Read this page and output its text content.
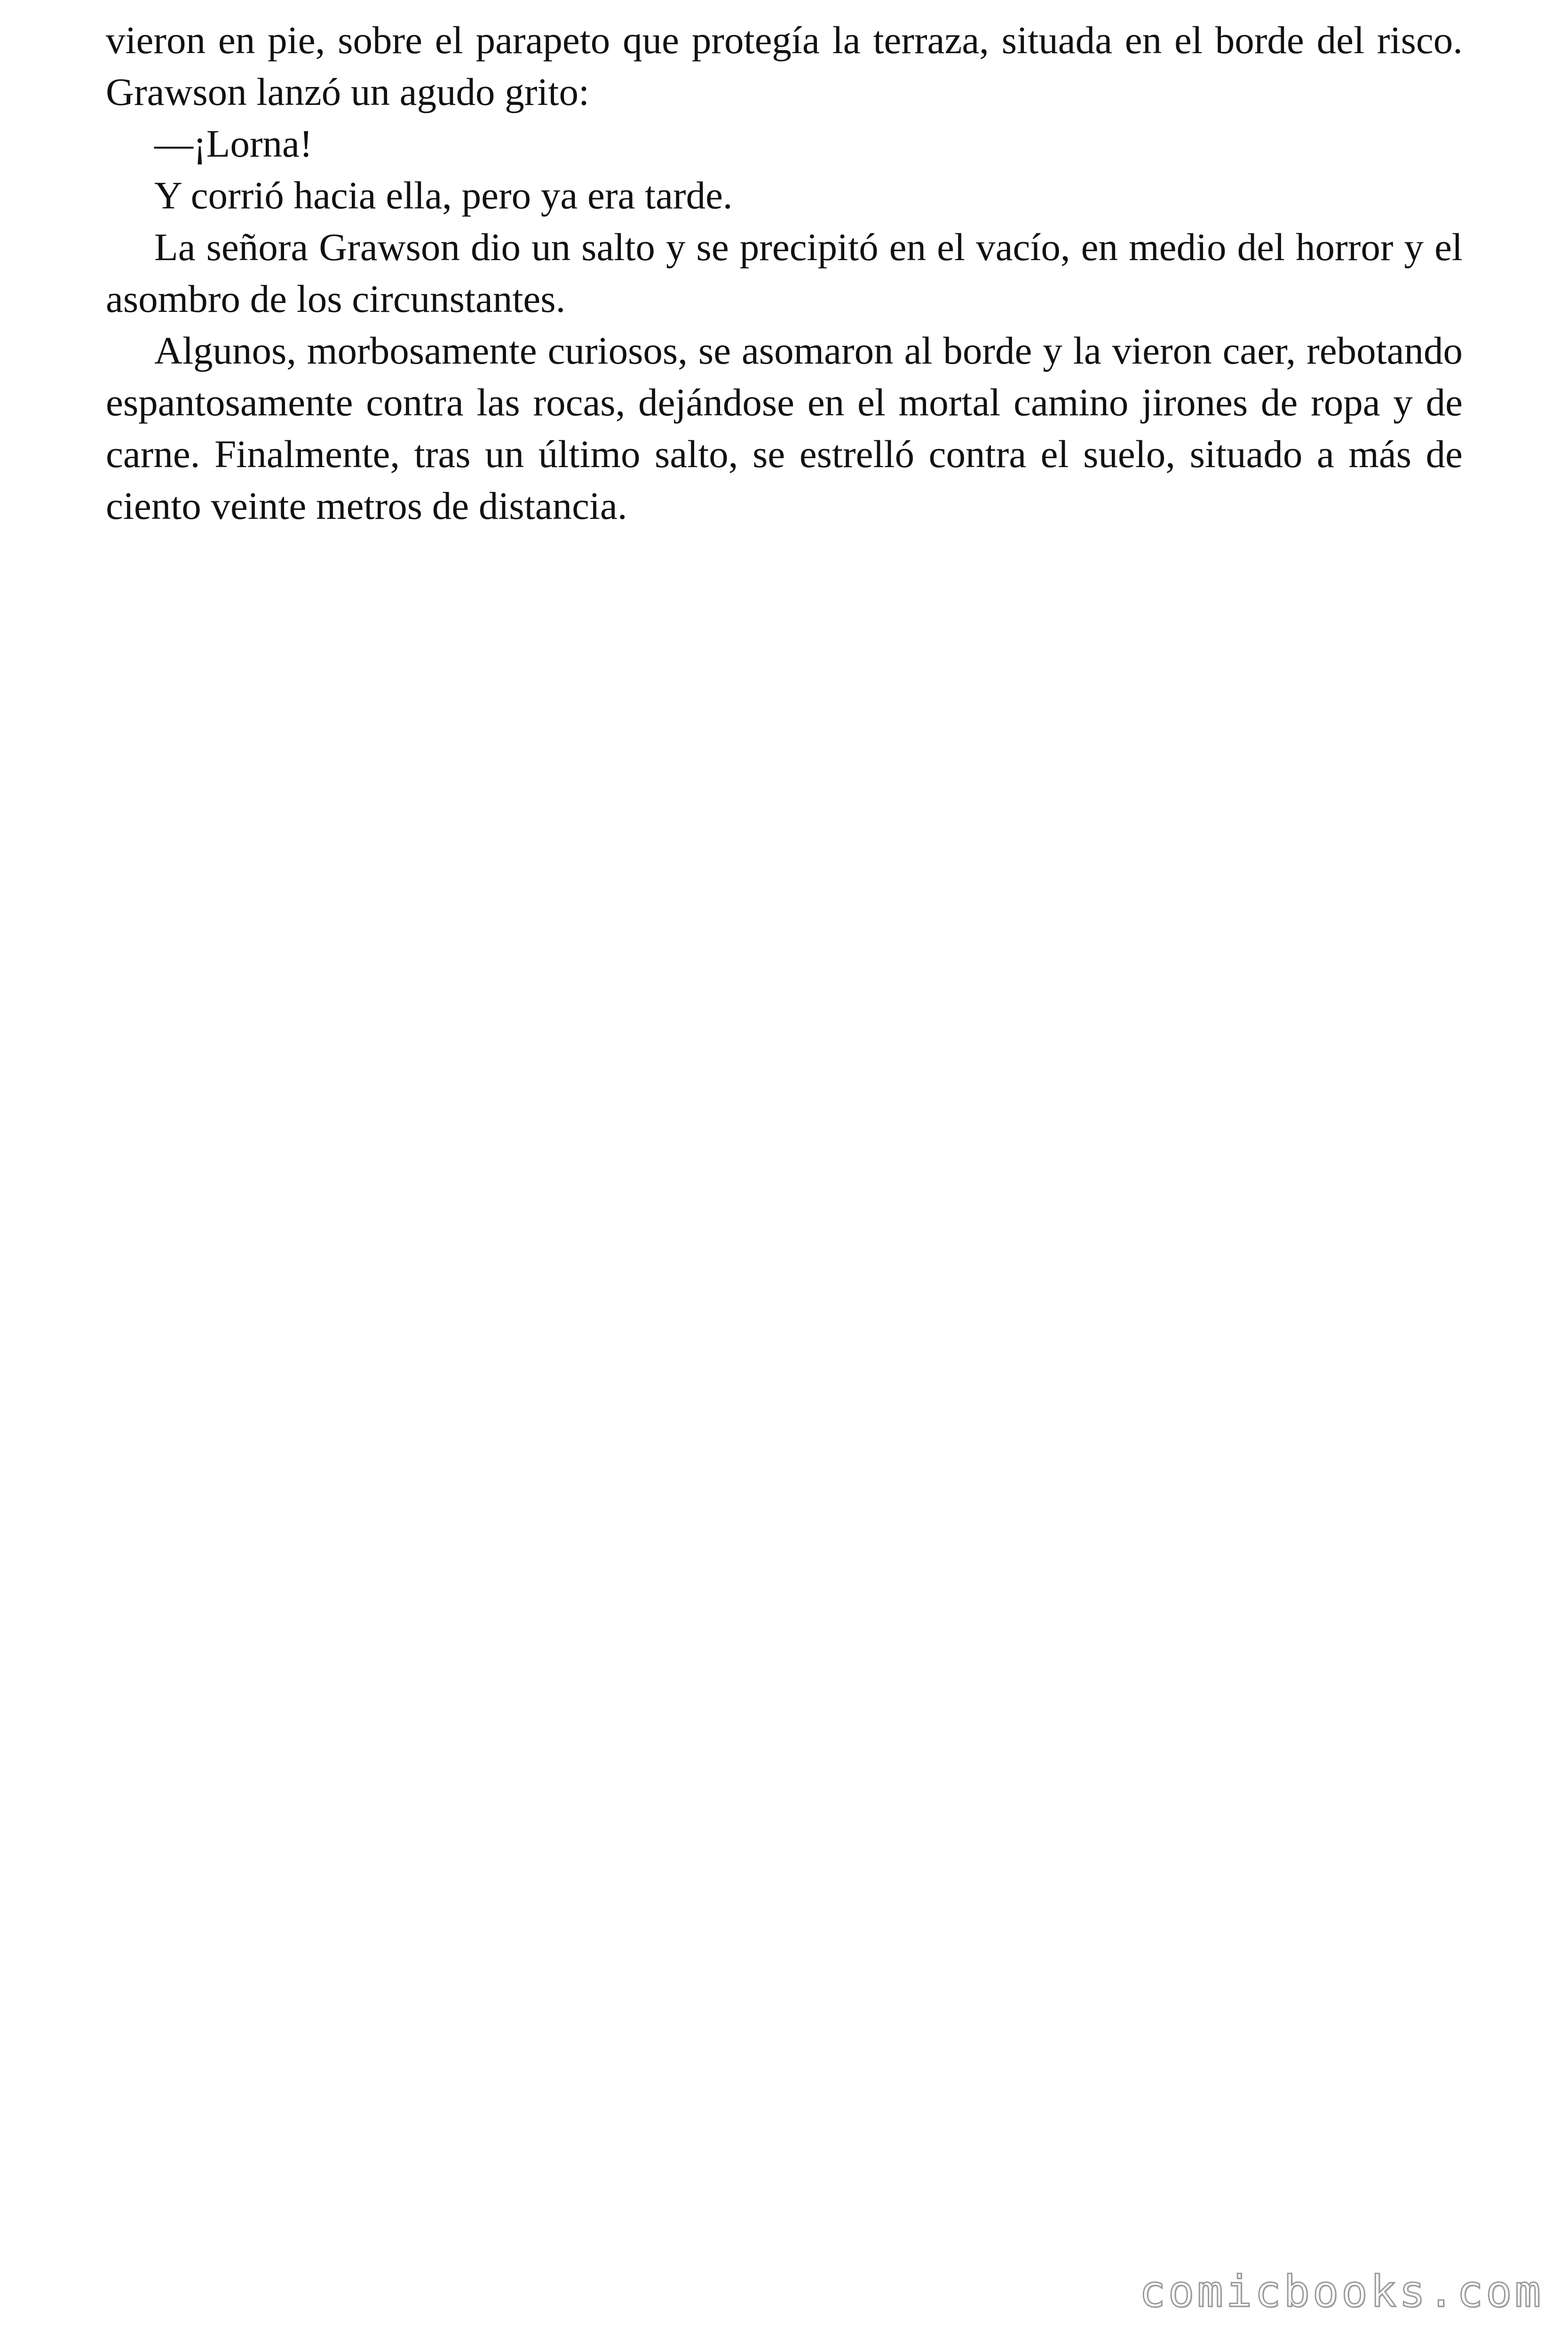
vieron en pie, sobre el parapeto que protegía la terraza, situada en el borde del risco. Grawson lanzó un agudo grito:

—¡Lorna!

Y corrió hacia ella, pero ya era tarde.

La señora Grawson dio un salto y se precipitó en el vacío, en medio del horror y el asombro de los circunstantes.

Algunos, morbosamente curiosos, se asomaron al borde y la vieron caer, rebotando espantosamente contra las rocas, dejándose en el mortal camino jirones de ropa y de carne. Finalmente, tras un último salto, se estrelló contra el suelo, situado a más de ciento veinte metros de distancia.

comicbooks.com
